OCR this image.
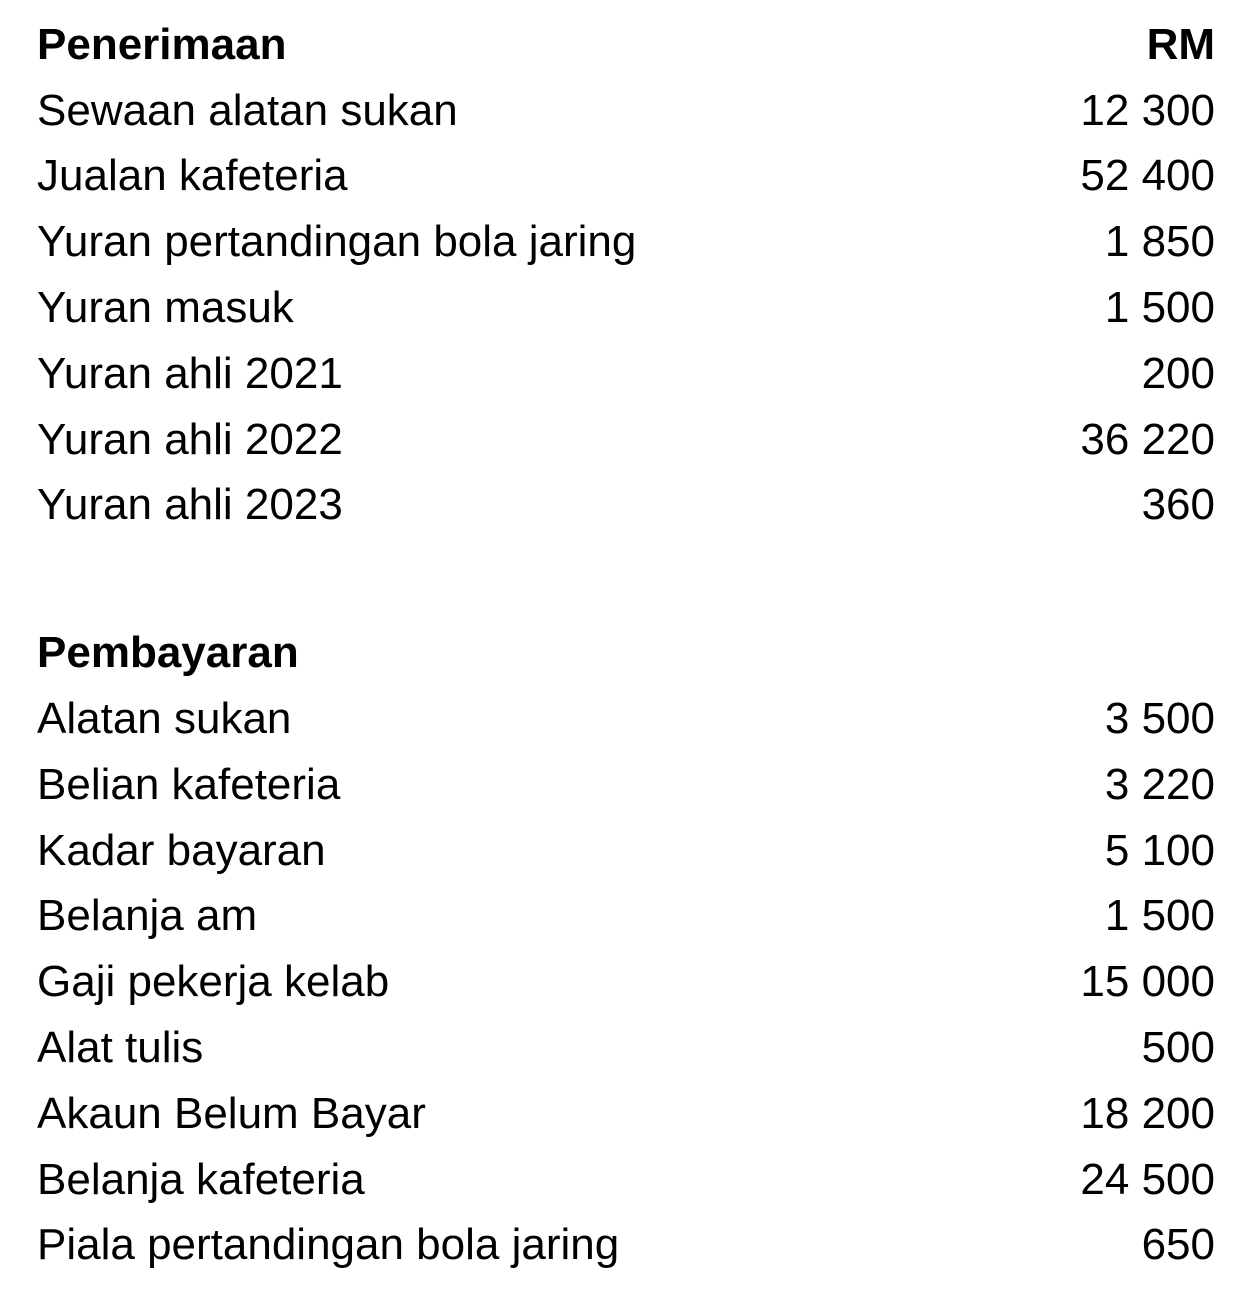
Penerimaan	RM
Sewaan alatan sukan	12 300
Jualan kafeteria	52 400
Yuran pertandingan bola jaring	1 850
Yuran masuk	1 500
Yuran ahli 2021	200
Yuran ahli 2022	36 220
Yuran ahli 2023	360
Pembayaran
Alatan sukan	3 500
Belian kafeteria	3 220
Kadar bayaran	5 100
Belanja am	1 500
Gaji pekerja kelab	15 000
Alat tulis	500
Akaun Belum Bayar	18 200
Belanja kafeteria	24 500
Piala pertandingan bola jaring	650
